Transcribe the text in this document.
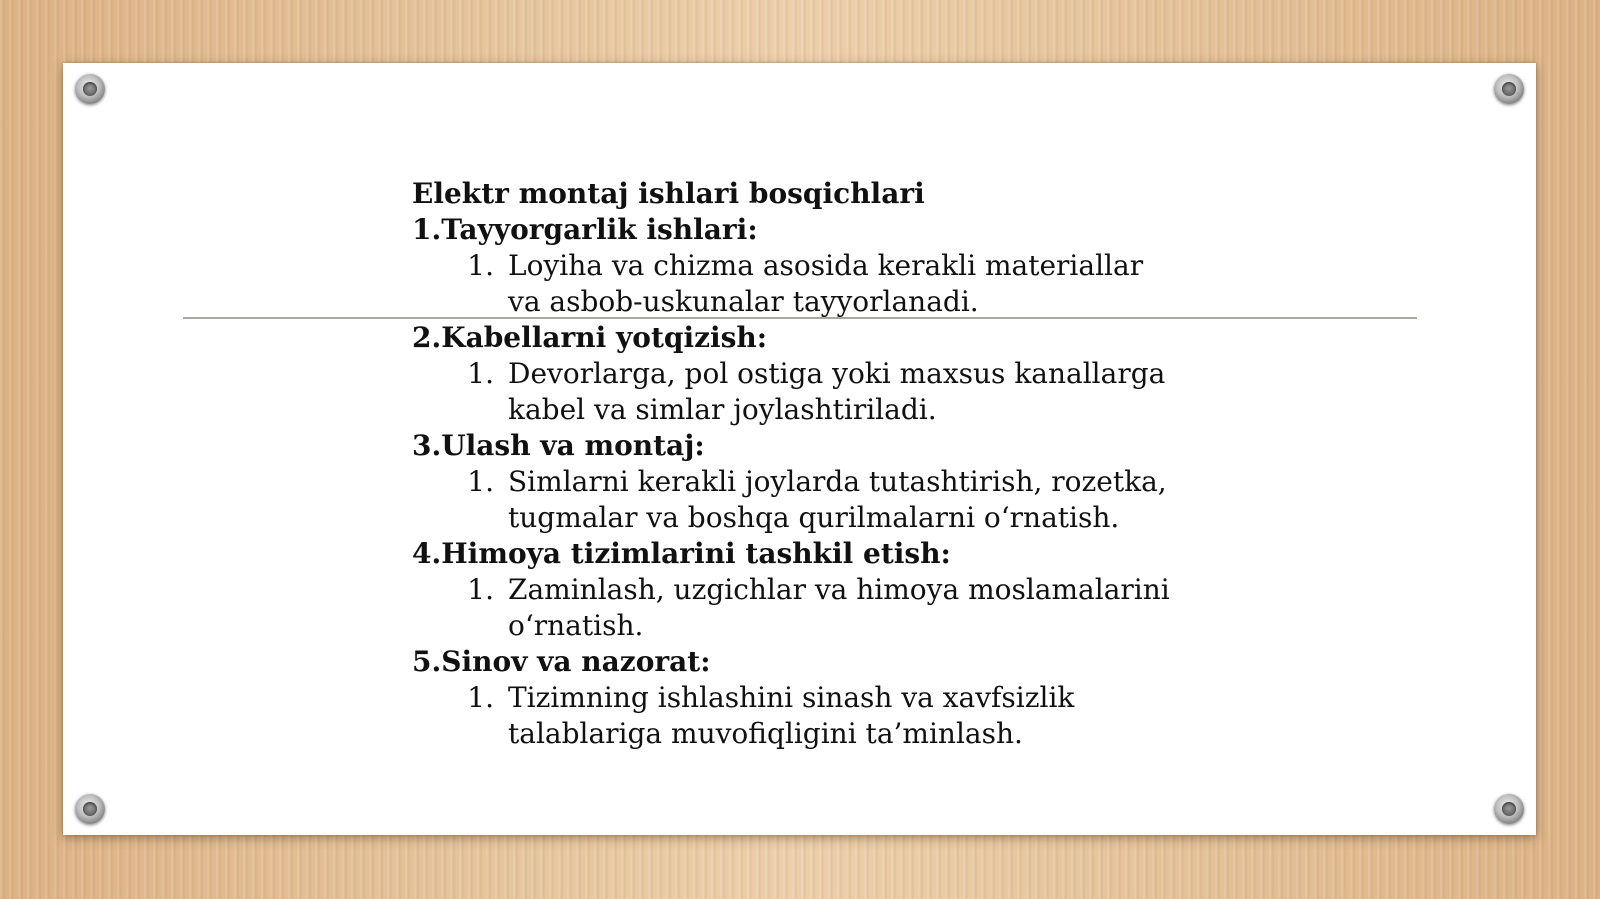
Elektr montaj ishlari bosqichlari

1.Tayyorgarlik ishlari:

1. Loyiha va chizma asosida kerakli materiallar
va asbob-uskunalar tayyorlanadi.

2.Kabellarni yotqizish:

1. Devorlarga, pol ostiga yoki maxsus kanallarga
kabel va simlar joylashtiriladi.

3.Ulash va montaj:

1. Simlarni kerakli joylarda tutashtirish, rozetka,
tugmalar va boshqa qurilmalarni o‘rnatish.

4.Himoya tizimlarini tashkil etish:

1. Zaminlash, uzgichlar va himoya moslamalarini
o‘rnatish.

5.Sinov va nazorat:

1. Tizimning ishlashini sinash va xavfsizlik
talablariga muvofiqligini ta’minlash.
